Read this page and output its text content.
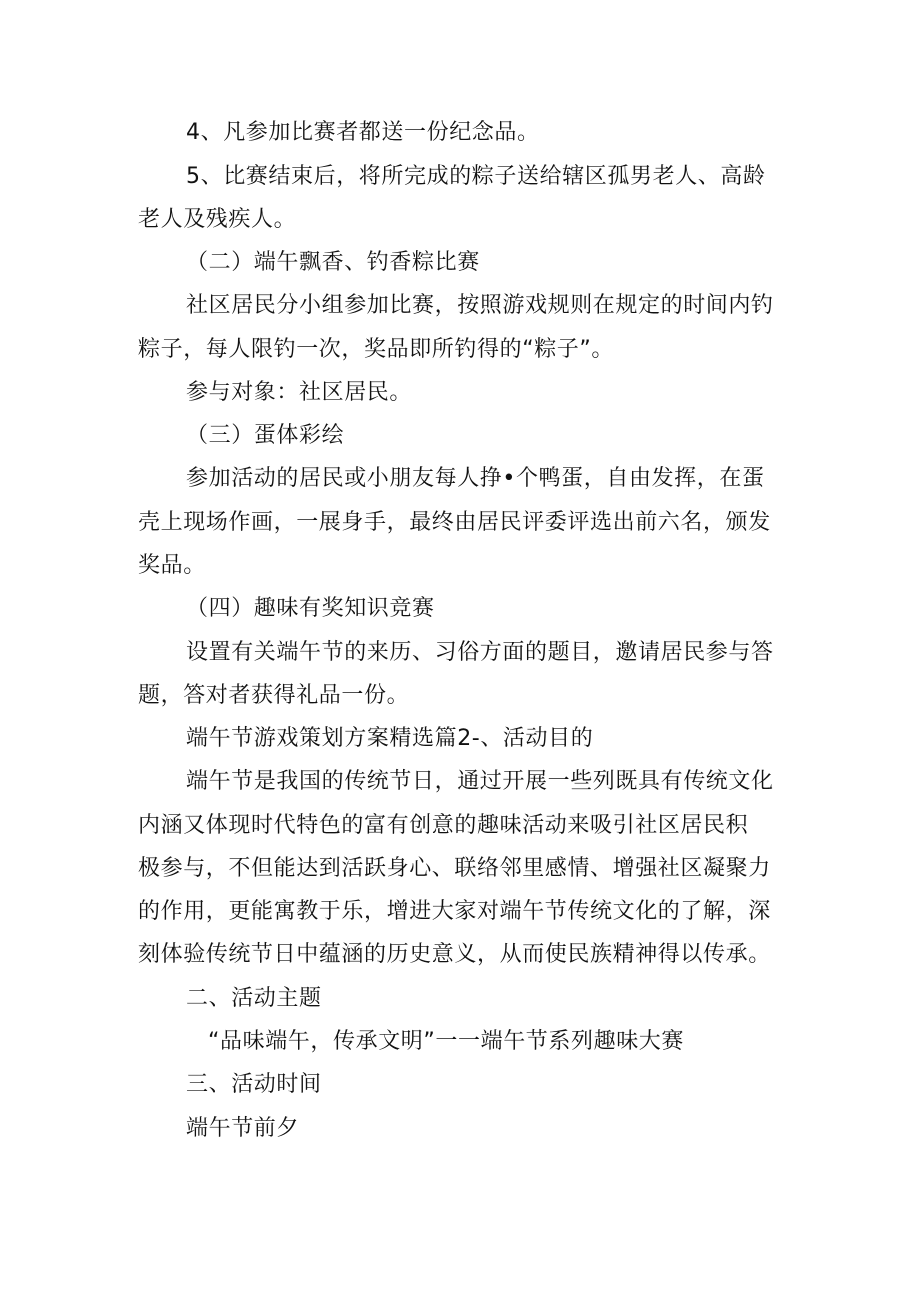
4、凡参加比赛者都送一份纪念品。

5、比赛结束后，将所完成的粽子送给辖区孤男老人、高龄

老人及残疾人。

（二）端午飘香、钓香粽比赛

社区居民分小组参加比赛，按照游戏规则在规定的时间内钓

粽子，每人限钓一次，奖品即所钓得的“粽子”。

参与对象：社区居民。

（三）蛋体彩绘

参加活动的居民或小朋友每人挣•个鸭蛋，自由发挥，在蛋

壳上现场作画，一展身手，最终由居民评委评选出前六名，颁发

奖品。

（四）趣味有奖知识竞赛

设置有关端午节的来历、习俗方面的题目，邀请居民参与答

题，答对者获得礼品一份。

端午节游戏策划方案精选篇2-、活动目的

端午节是我国的传统节日，通过开展一些列既具有传统文化

内涵又体现时代特色的富有创意的趣味活动来吸引社区居民积

极参与，不但能达到活跃身心、联络邻里感情、增强社区凝聚力

的作用，更能寓教于乐，增进大家对端午节传统文化的了解，深

刻体验传统节日中蕴涵的历史意义，从而使民族精神得以传承。

二、活动主题

“品味端午，传承文明”一一端午节系列趣味大赛

三、活动时间

端午节前夕
